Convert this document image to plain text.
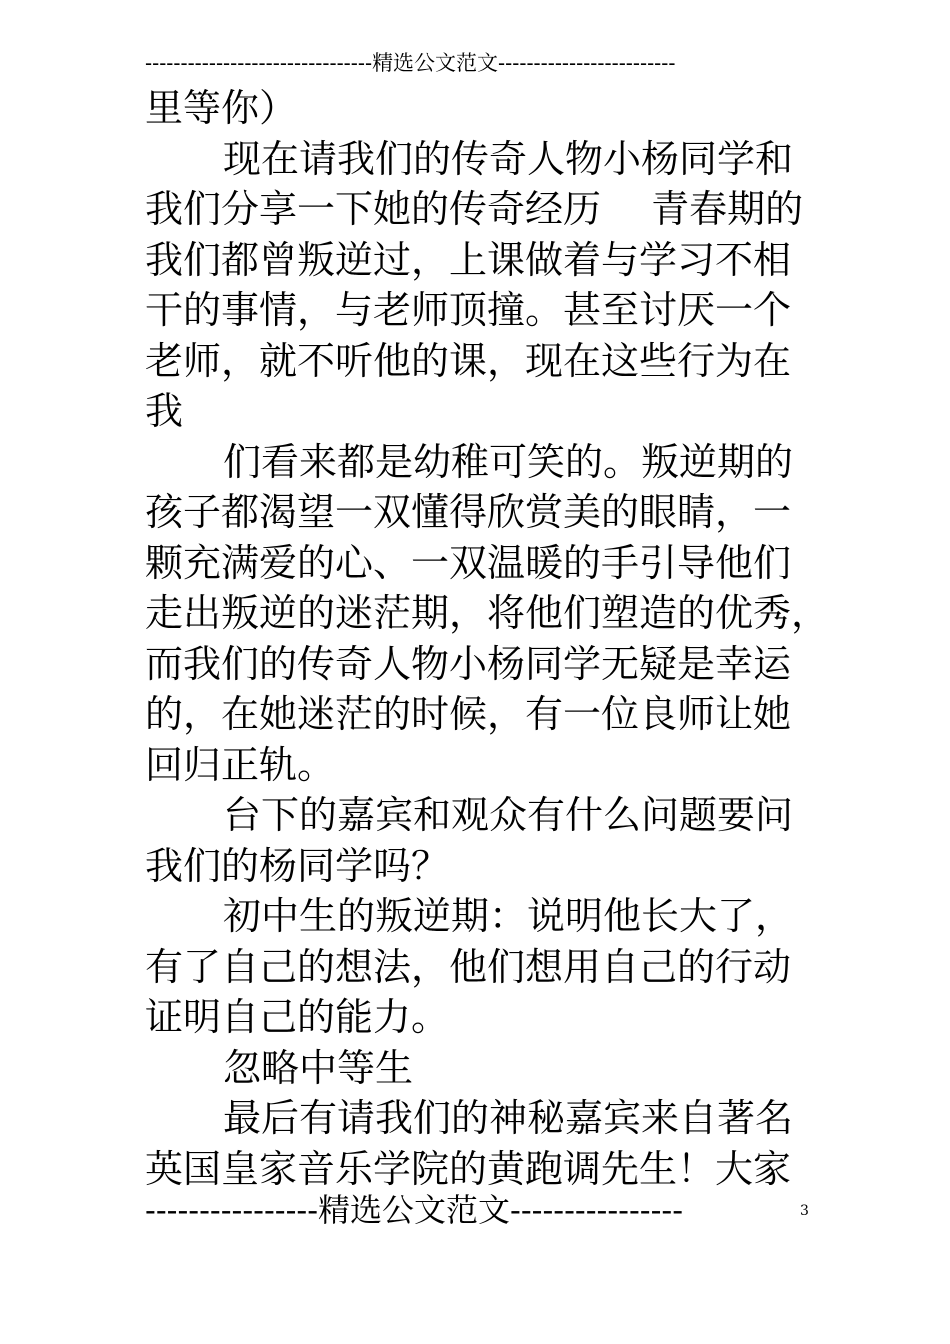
--------------------------------精选公文范文-------------------------
里等你）
现在请我们的传奇人物小杨同学和
我们分享一下她的传奇经历　 青春期的
我们都曾叛逆过，上课做着与学习不相
干的事情，与老师顶撞。甚至讨厌一个
老师，就不听他的课，现在这些行为在
我
们看来都是幼稚可笑的。叛逆期的
孩子都渴望一双懂得欣赏美的眼睛，一
颗充满爱的心、一双温暖的手引导他们
走出叛逆的迷茫期，将他们塑造的优秀，
而我们的传奇人物小杨同学无疑是幸运
的，在她迷茫的时候，有一位良师让她
回归正轨。
台下的嘉宾和观众有什么问题要问
我们的杨同学吗？
初中生的叛逆期：说明他长大了，
有了自己的想法，他们想用自己的行动
证明自己的能力。
忽略中等生
最后有请我们的神秘嘉宾来自著名
英国皇家音乐学院的黄跑调先生！大家
----------------精选公文范文----------------	3
